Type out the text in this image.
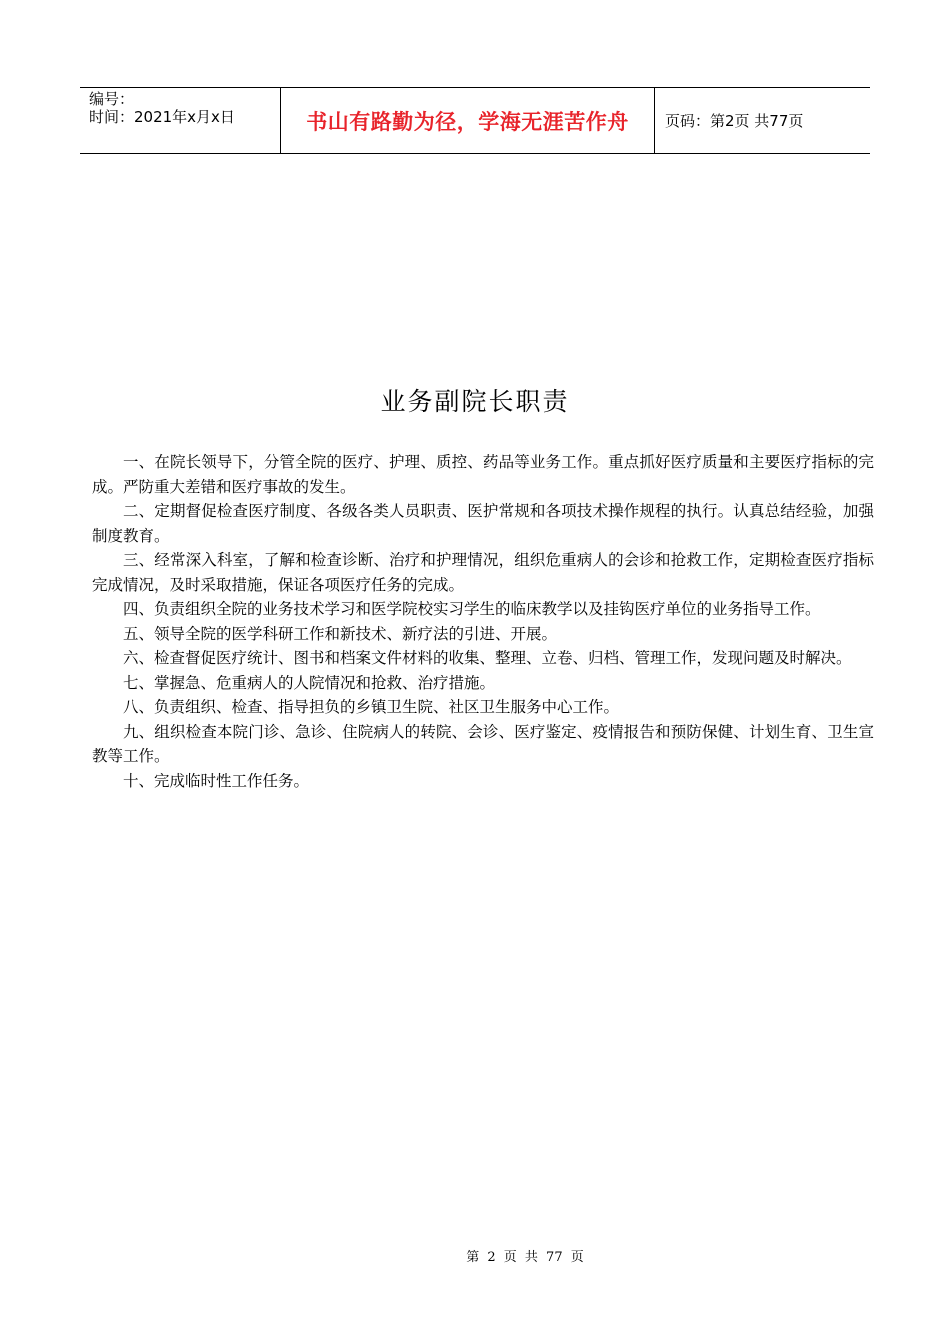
编号：
时间：2021年x月x日	书山有路勤为径，学海无涯苦作舟 页码：第2页 共77页
业务副院长职责

一、在院长领导下，分管全院的医疗、护理、质控、药品等业务工作。重点抓好医疗质量和主要医疗指标的完成。严防重大差错和医疗事故的发生。

二、定期督促检查医疗制度、各级各类人员职责、医护常规和各项技术操作规程的执行。认真总结经验，加强制度教育。

三、经常深入科室，了解和检查诊断、治疗和护理情况，组织危重病人的会诊和抢救工作，定期检查医疗指标完成情况，及时采取措施，保证各项医疗任务的完成。

四、负责组织全院的业务技术学习和医学院校实习学生的临床教学以及挂钩医疗单位的业务指导工作。

五、领导全院的医学科研工作和新技术、新疗法的引进、开展。

六、检查督促医疗统计、图书和档案文件材料的收集、整理、立卷、归档、管理工作，发现问题及时解决。

七、掌握急、危重病人的人院情况和抢救、治疗措施。

八、负责组织、检查、指导担负的乡镇卫生院、社区卫生服务中心工作。

九、组织检查本院门诊、急诊、住院病人的转院、会诊、医疗鉴定、疫情报告和预防保健、计划生育、卫生宣教等工作。

十、完成临时性工作任务。

第 2 页 共 77 页
